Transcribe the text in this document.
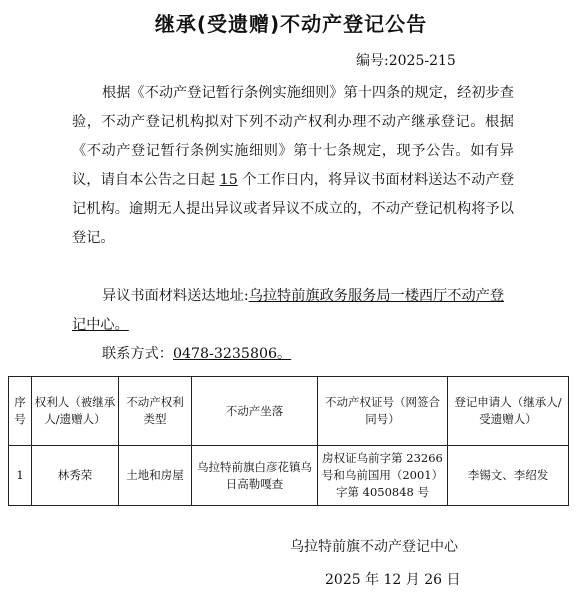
继承(受遗赠)不动产登记公告
编号:2025-215
根据《不动产登记暂行条例实施细则》第十四条的规定，经初步查验，不动产登记机构拟对下列不动产权利办理不动产继承登记。根据《不动产登记暂行条例实施细则》第十七条规定，现予公告。如有异议，请自本公告之日起 15 个工作日内，将异议书面材料送达不动产登记机构。逾期无人提出异议或者异议不成立的，不动产登记机构将予以登记。
异议书面材料送达地址:乌拉特前旗政务服务局一楼西厅不动产登记中心。
联系方式：0478-3235806。
序号	权利人（被继承人/遗赠人）	不动产权利类型	不动产坐落	不动产权证号（网签合同号）	登记申请人（继承人/受遗赠人）
1	林秀荣	土地和房屋	乌拉特前旗白彦花镇乌日高勒嘎查	房权证乌前字第 23266 号和乌前国用（2001）字第 4050848 号	李锡文、李绍发
乌拉特前旗不动产登记中心
2025 年 12 月 26 日
